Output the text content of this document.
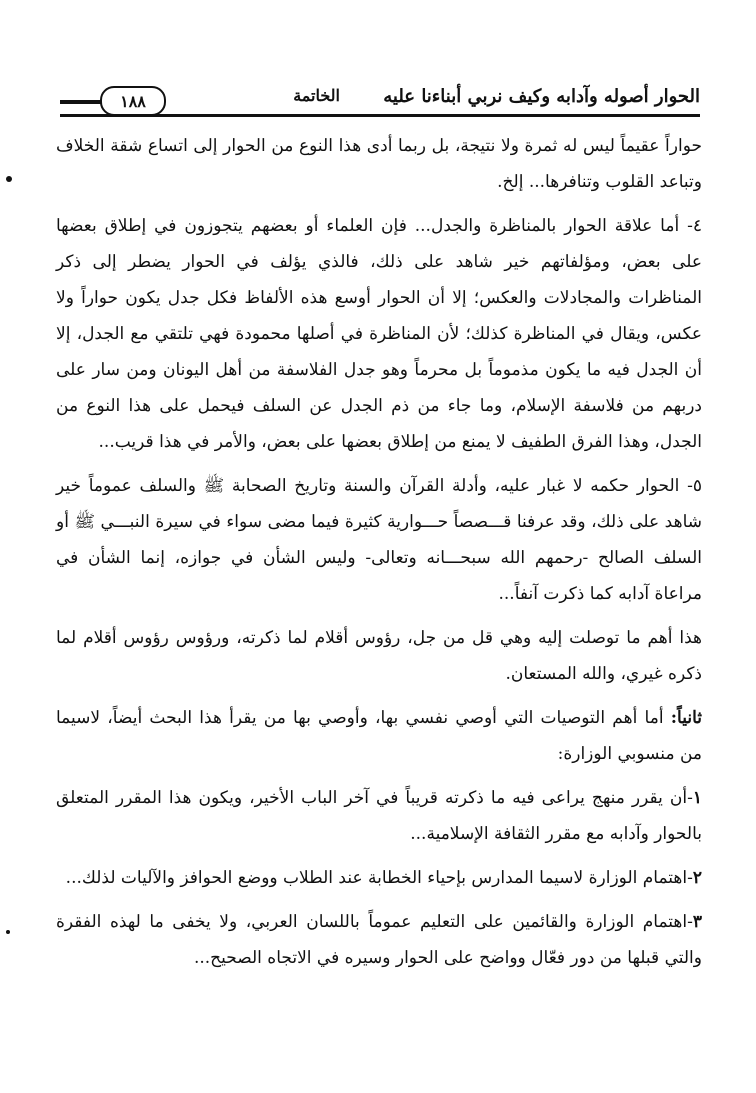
الحوار أصوله وآدابه وكيف نربي أبناءنا عليه
الخاتمة
١٨٨

حواراً عقيماً ليس له ثمرة ولا نتيجة، بل ربما أدى هذا النوع من الحوار إلى اتساع شقة الخلاف وتباعد القلوب وتنافرها... إلخ.

٤- أما علاقة الحوار بالمناظرة والجدل... فإن العلماء أو بعضهم يتجوزون في إطلاق بعضها على بعض، ومؤلفاتهم خير شاهد على ذلك، فالذي يؤلف في الحوار يضطر إلى ذكر المناظرات والمجادلات والعكس؛ إلا أن الحوار أوسع هذه الألفاظ فكل جدل يكون حواراً ولا عكس، ويقال في المناظرة كذلك؛ لأن المناظرة في أصلها محمودة فهي تلتقي مع الجدل، إلا أن الجدل فيه ما يكون مذموماً بل محرماً وهو جدل الفلاسفة من أهل اليونان ومن سار على دربهم من فلاسفة الإسلام، وما جاء من ذم الجدل عن السلف فيحمل على هذا النوع من الجدل، وهذا الفرق الطفيف لا يمنع من إطلاق بعضها على بعض، والأمر في هذا قريب...

٥- الحوار حكمه لا غبار عليه، وأدلة القرآن والسنة وتاريخ الصحابة ﷺ والسلف عموماً خير شاهد على ذلك، وقد عرفنا قـــصصاً حـــوارية كثيرة فيما مضى سواء في سيرة النبـــي ﷺ أو السلف الصالح -رحمهم الله سبحـــانه وتعالى- وليس الشأن في جوازه، إنما الشأن في مراعاة آدابه كما ذكرت آنفاً...

هذا أهم ما توصلت إليه وهي قل من جل، رؤوس أقلام لما ذكرته، ورؤوس رؤوس أقلام لما ذكره غيري، والله المستعان.

ثانياً: أما أهم التوصيات التي أوصي نفسي بها، وأوصي بها من يقرأ هذا البحث أيضاً، لاسيما من منسوبي الوزارة:

١-أن يقرر منهج يراعى فيه ما ذكرته قريباً في آخر الباب الأخير، ويكون هذا المقرر المتعلق بالحوار وآدابه مع مقرر الثقافة الإسلامية...

٢-اهتمام الوزارة لاسيما المدارس بإحياء الخطابة عند الطلاب ووضع الحوافز والآليات لذلك...

٣-اهتمام الوزارة والقائمين على التعليم عموماً باللسان العربي، ولا يخفى ما لهذه الفقرة والتي قبلها من دور فعّال وواضح على الحوار وسيره في الاتجاه الصحيح...
